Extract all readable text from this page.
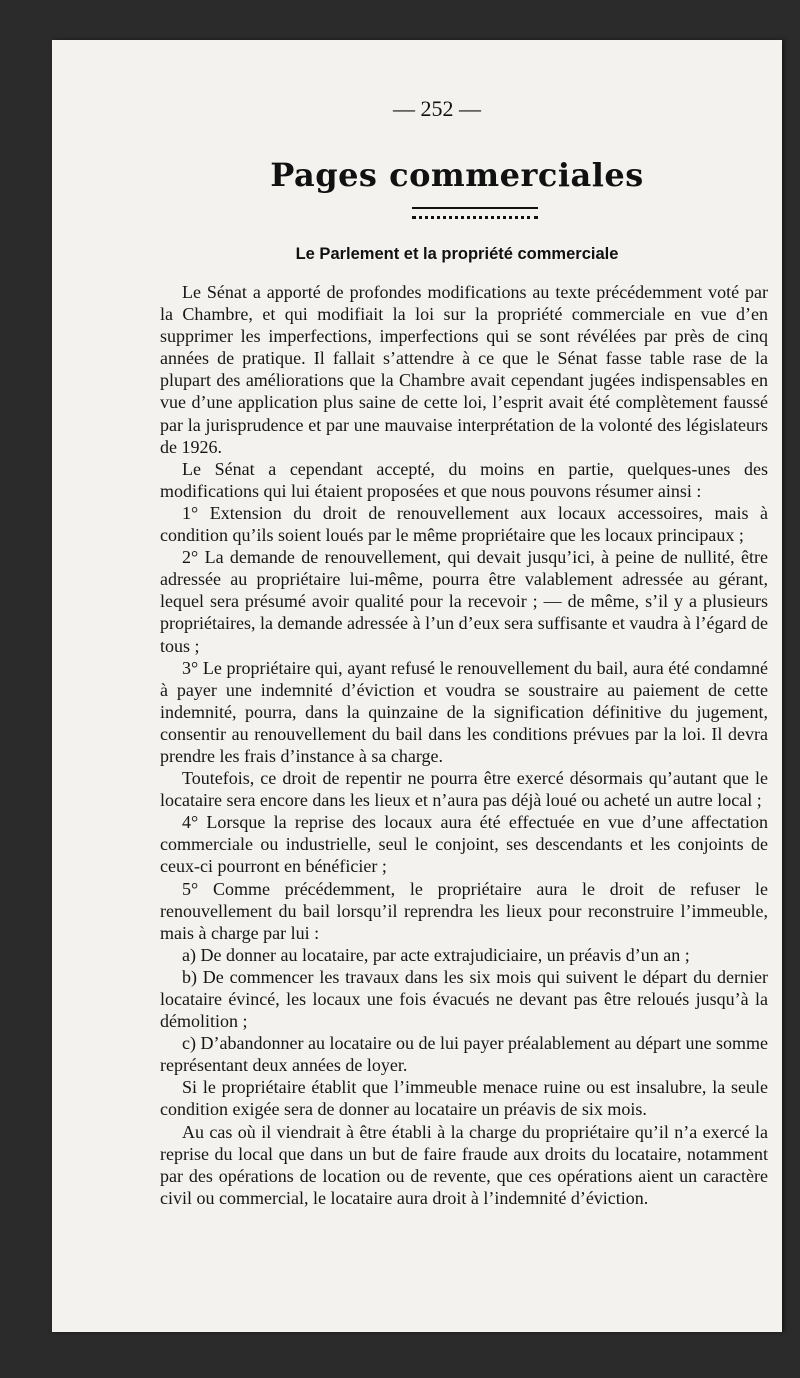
— 252 —
Pages commerciales
Le Parlement et la propriété commerciale

Le Sénat a apporté de profondes modifications au texte précédemment voté par la Chambre, et qui modifiait la loi sur la propriété commerciale en vue d’en supprimer les imperfections, imperfections qui se sont révélées par près de cinq années de pratique. Il fallait s’attendre à ce que le Sénat fasse table rase de la plupart des améliorations que la Chambre avait cependant jugées indispensables en vue d’une application plus saine de cette loi, l’esprit avait été complètement faussé par la jurisprudence et par une mauvaise interprétation de la volonté des législateurs de 1926.

Le Sénat a cependant accepté, du moins en partie, quelques-unes des modifications qui lui étaient proposées et que nous pouvons résumer ainsi :

1° Extension du droit de renouvellement aux locaux accessoires, mais à condition qu’ils soient loués par le même propriétaire que les locaux principaux ;

2° La demande de renouvellement, qui devait jusqu’ici, à peine de nullité, être adressée au propriétaire lui-même, pourra être valablement adressée au gérant, lequel sera présumé avoir qualité pour la recevoir ; — de même, s’il y a plusieurs propriétaires, la demande adressée à l’un d’eux sera suffisante et vaudra à l’égard de tous ;

3° Le propriétaire qui, ayant refusé le renouvellement du bail, aura été condamné à payer une indemnité d’éviction et voudra se soustraire au paiement de cette indemnité, pourra, dans la quinzaine de la signification définitive du jugement, consentir au renouvellement du bail dans les conditions prévues par la loi. Il devra prendre les frais d’instance à sa charge.

Toutefois, ce droit de repentir ne pourra être exercé désormais qu’autant que le locataire sera encore dans les lieux et n’aura pas déjà loué ou acheté un autre local ;

4° Lorsque la reprise des locaux aura été effectuée en vue d’une affectation commerciale ou industrielle, seul le conjoint, ses descendants et les conjoints de ceux-ci pourront en bénéficier ;

5° Comme précédemment, le propriétaire aura le droit de refuser le renouvellement du bail lorsqu’il reprendra les lieux pour reconstruire l’immeuble, mais à charge par lui :

a) De donner au locataire, par acte extrajudiciaire, un préavis d’un an ;

b) De commencer les travaux dans les six mois qui suivent le départ du dernier locataire évincé, les locaux une fois évacués ne devant pas être reloués jusqu’à la démolition ;

c) D’abandonner au locataire ou de lui payer préalablement au départ une somme représentant deux années de loyer.

Si le propriétaire établit que l’immeuble menace ruine ou est insalubre, la seule condition exigée sera de donner au locataire un préavis de six mois.

Au cas où il viendrait à être établi à la charge du propriétaire qu’il n’a exercé la reprise du local que dans un but de faire fraude aux droits du locataire, notamment par des opérations de location ou de revente, que ces opérations aient un caractère civil ou commercial, le locataire aura droit à l’indemnité d’éviction.
